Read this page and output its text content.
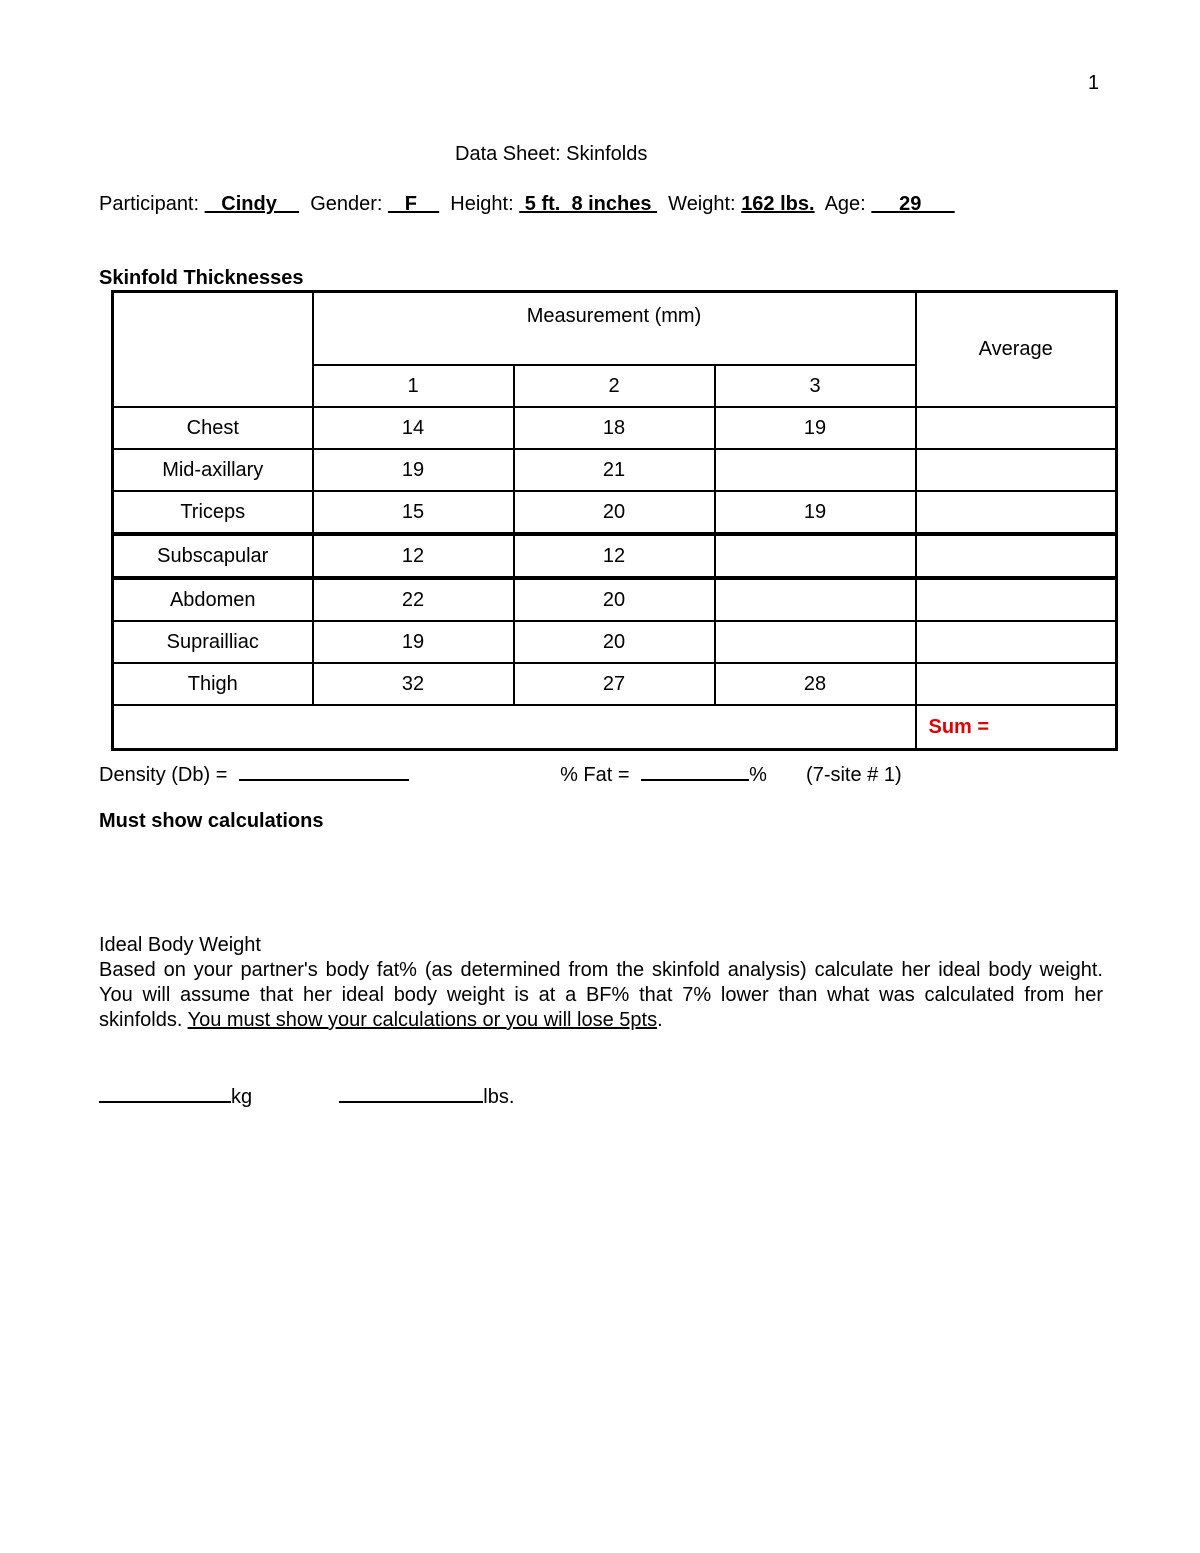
1
Data Sheet: Skinfolds
Participant:    Cindy      Gender:    F      Height:  5 ft.  8 inches   Weight: 162 lbs. Age:      29
Skinfold Thicknesses
	Measurement (mm)			Average
	1	2	3	
Chest	14	18	19	
Mid-axillary	19	21		
Triceps	15	20	19	
Subscapular	12	12		
Abdomen	22	20		
Suprailliac	19	20		
Thigh	32	27	28	
				Sum =
Density (Db) =	% Fat =	% (7-site # 1)
Must show calculations
Ideal Body Weight
Based on your partner's body fat% (as determined from the skinfold analysis) calculate her ideal body weight. You will assume that her ideal body weight is at a BF% that 7% lower than what was calculated from her skinfolds. You must show your calculations or you will lose 5pts.
kg	lbs.
